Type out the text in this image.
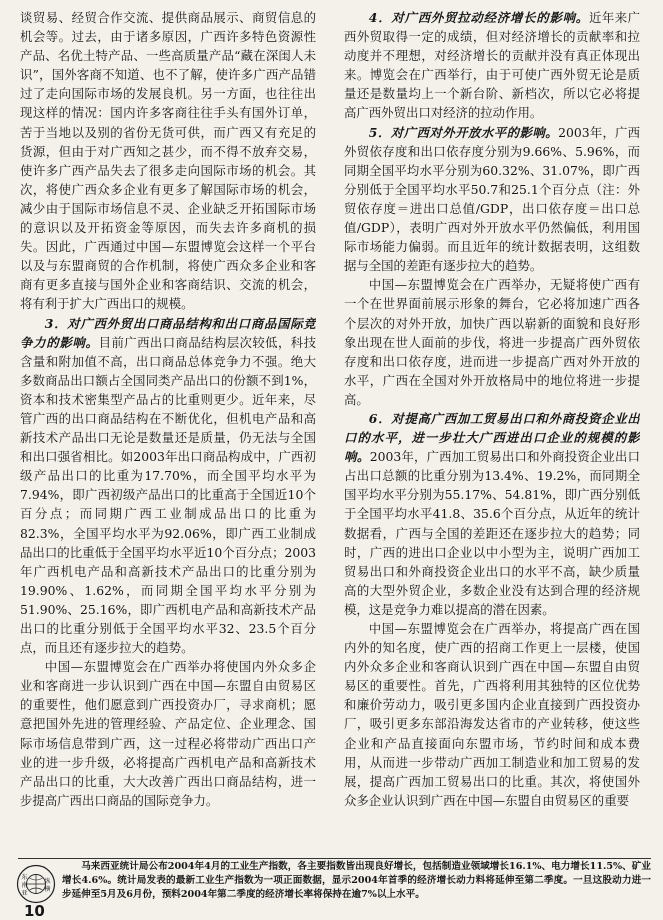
谈贸易、经贸合作交流、提供商品展示、商贸信息的机会等。过去，由于诸多原因，广西许多特色资源性产品、名优土特产品、一些高质量产品“藏在深闺人未识”，国外客商不知道、也不了解，使许多广西产品错过了走向国际市场的发展良机。另一方面，也往往出现这样的情况：国内许多客商往往手头有国外订单，苦于当地以及别的省份无货可供，而广西又有充足的货源，但由于对广西知之甚少，而不得不放弃交易，使许多广西产品失去了很多走向国际市场的机会。其次，将使广西众多企业有更多了解国际市场的机会，减少由于国际市场信息不灵、企业缺乏开拓国际市场的意识以及开拓资金等原因，而失去许多商机的损失。因此，广西通过中国—东盟博览会这样一个平台以及与东盟商贸的合作机制，将使广西众多企业和客商有更多直接与国外企业和客商结识、交流的机会，将有利于扩大广西出口的规模。

3．对广西外贸出口商品结构和出口商品国际竞争力的影响。目前广西出口商品结构层次较低，科技含量和附加值不高，出口商品总体竞争力不强。绝大多数商品出口额占全国同类产品出口的份额不到1%，资本和技术密集型产品占的比重则更少。近年来，尽管广西的出口商品结构在不断优化，但机电产品和高新技术产品出口无论是数量还是质量，仍无法与全国和出口强省相比。如2003年出口商品构成中，广西初级产品出口的比重为17.70%，而全国平均水平为7.94%，即广西初级产品出口的比重高于全国近10个百分点；而同期广西工业制成品出口的比重为82.3%，全国平均水平为92.06%，即广西工业制成品出口的比重低于全国平均水平近10个百分点；2003年广西机电产品和高新技术产品出口的比重分别为19.90%、1.62%，而同期全国平均水平分别为51.90%、25.16%，即广西机电产品和高新技术产品出口的比重分别低于全国平均水平32、23.5个百分点，而且还有逐步拉大的趋势。

中国—东盟博览会在广西举办将使国内外众多企业和客商进一步认识到广西在中国—东盟自由贸易区的重要性，他们愿意到广西投资办厂，寻求商机；愿意把国外先进的管理经验、产品定位、企业理念、国际市场信息带到广西，这一过程必将带动广西出口产业的进一步升级，必将提高广西机电产品和高新技术产品出口的比重，大大改善广西出口商品结构，进一步提高广西出口商品的国际竞争力。

4．对广西外贸拉动经济增长的影响。近年来广西外贸取得一定的成绩，但对经济增长的贡献率和拉动度并不理想，对经济增长的贡献并没有真正体现出来。博览会在广西举行，由于可使广西外贸无论是质量还是数量均上一个新台阶、新档次，所以它必将提高广西外贸出口对经济的拉动作用。

5．对广西对外开放水平的影响。2003年，广西外贸依存度和出口依存度分别为9.66%、5.96%，而同期全国平均水平分别为60.32%、31.07%，即广西分别低于全国平均水平50.7和25.1个百分点（注：外贸依存度＝进出口总值/GDP，出口依存度＝出口总值/GDP），表明广西对外开放水平仍然偏低，利用国际市场能力偏弱。而且近年的统计数据表明，这组数据与全国的差距有逐步拉大的趋势。

中国—东盟博览会在广西举办，无疑将使广西有一个在世界面前展示形象的舞台，它必将加速广西各个层次的对外开放，加快广西以崭新的面貌和良好形象出现在世人面前的步伐，将进一步提高广西外贸依存度和出口依存度，进而进一步提高广西对外开放的水平，广西在全国对外开放格局中的地位将进一步提高。

6．对提高广西加工贸易出口和外商投资企业出口的水平，进一步壮大广西进出口企业的规模的影响。2003年，广西加工贸易出口和外商投资企业出口占出口总额的比重分别为13.4%、19.2%，而同期全国平均水平分别为55.17%、54.81%，即广西分别低于全国平均水平41.8、35.6个百分点，从近年的统计数据看，广西与全国的差距还在逐步拉大的趋势；同时，广西的进出口企业以中小型为主，说明广西加工贸易出口和外商投资企业出口的水平不高，缺少质量高的大型外贸企业，多数企业没有达到合理的经济规模，这是竞争力难以提高的潜在因素。

中国—东盟博览会在广西举办，将提高广西在国内外的知名度，使广西的招商工作更上一层楼，使国内外众多企业和客商认识到广西在中国—东盟自由贸易区的重要性。首先，广西将利用其独特的区位优势和廉价劳动力，吸引更多国内企业直接到广西投资办厂，吸引更多东部沿海发达省市的产业转移，使这些企业和产品直接面向东盟市场，节约时间和成本费用，从而进一步带动广西加工制造业和加工贸易的发展，提高广西加工贸易出口的比重。其次，将使国外众多企业认识到广西在中国—东盟自由贸易区的重要

东
南
亚
纵
横

马来西亚统计局公布2004年4月的工业生产指数，各主要指数皆出现良好增长，包括制造业领域增长16.1%、电力增长11.5%、矿业增长4.6%。统计局发表的最新工业生产指数为一项正面数据，显示2004年首季的经济增长动力料将延伸至第二季度。一旦这股动力进一步延伸至5月及6月份，预料2004年第二季度的经济增长率将保持在逾7%以上水平。

10
